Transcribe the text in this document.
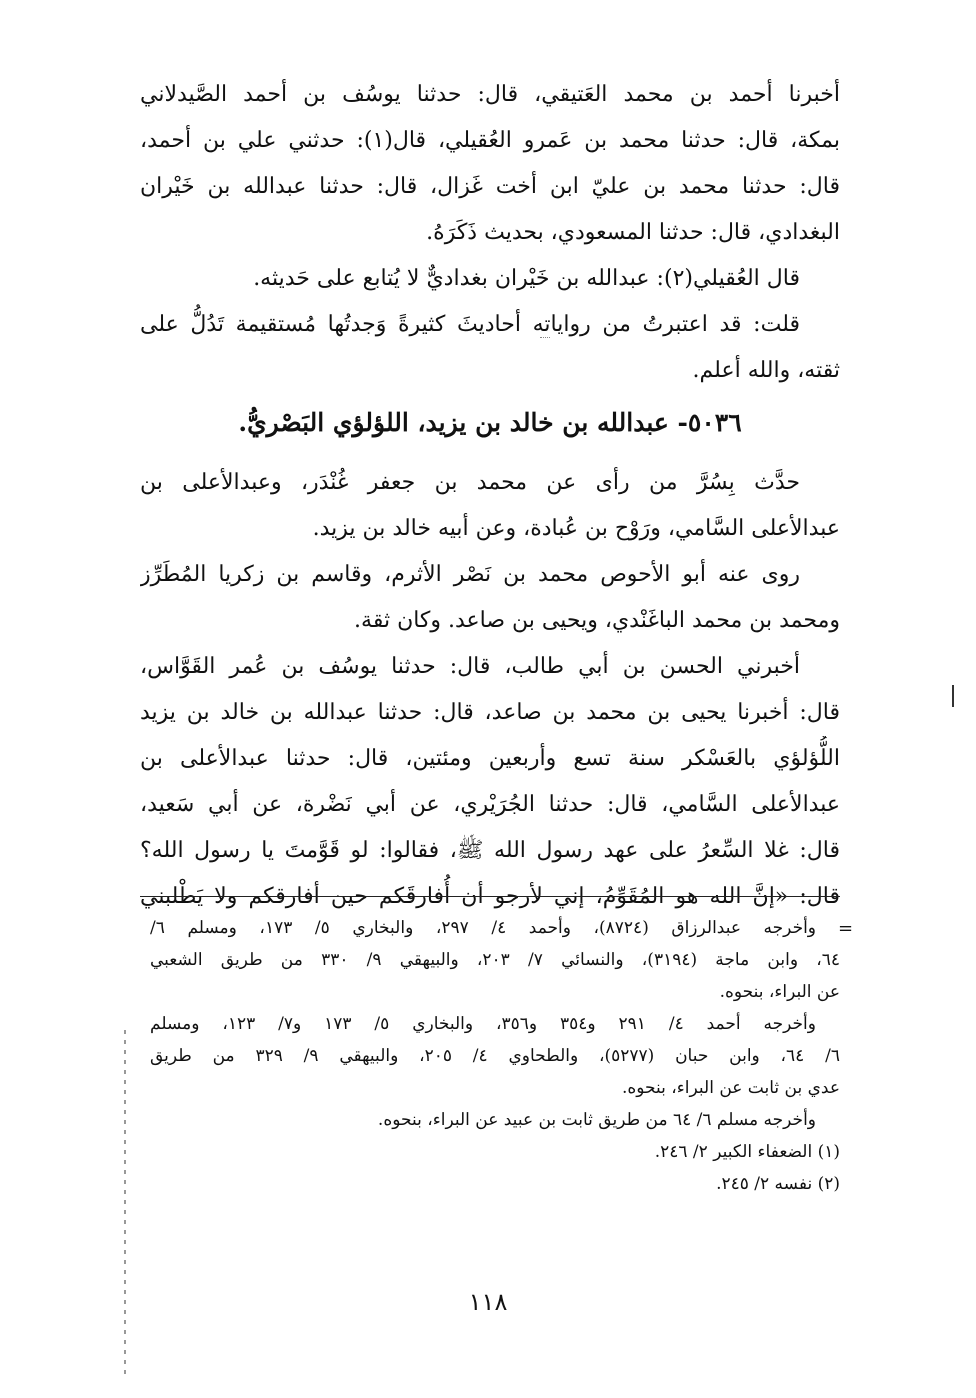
أخبرنا أحمد بن محمد العَتيقي، قال: حدثنا يوسُف بن أحمد الصَّيدلاني
بمكة، قال: حدثنا محمد بن عَمرو العُقيلي، قال(١): حدثني علي بن أحمد،
قال: حدثنا محمد بن عليّ ابن أخت غَزال، قال: حدثنا عبدالله بن خَيْران
البغدادي، قال: حدثنا المسعودي، بحديث ذَكَرَهُ.
قال العُقيلي(٢): عبدالله بن خَيْران بغداديٌّ لا يُتابع على حَديثه.
قلت: قد اعتبرتُ من رواياته أحاديثَ كثيرةً وَجدتُها مُستقيمة تَدُلُّ على
ثقته، والله أعلم.
٥٠٣٦- عبدالله بن خالد بن يزيد، اللؤلؤي البَصْريُّ.
حدَّث بِسُرَّ من رأى عن محمد بن جعفر غُنْدَر، وعبدالأعلى بن
عبدالأعلى السَّامي، ورَوْح بن عُبادة، وعن أبيه خالد بن يزيد.
روى عنه أبو الأحوص محمد بن نَصْر الأثرم، وقاسم بن زكريا المُطَرِّز
ومحمد بن محمد الباغَنْدي، ويحيى بن صاعد. وكان ثقة.
أخبرني الحسن بن أبي طالب، قال: حدثنا يوسُف بن عُمر القَوَّاس،
قال: أخبرنا يحيى بن محمد بن صاعد، قال: حدثنا عبدالله بن خالد بن يزيد
اللُّؤلؤي بالعَسْكر سنة تسع وأربعين ومئتين، قال: حدثنا عبدالأعلى بن
عبدالأعلى السَّامي، قال: حدثنا الجُرَيْري، عن أبي نَضْرة، عن أبي سَعيد،
قال: غلا السِّعرُ على عهد رسول الله ﷺ، فقالوا: لو قَوَّمتَ يا رسول الله؟
قال: «إنَّ الله هو المُقَوِّمُ، إني لأرجو أن أُفارقَكم حين أفارقكم ولا يَطْلبني
=
وأخرجه عبدالرزاق (٨٧٢٤)، وأحمد ٤/ ٢٩٧، والبخاري ٥/ ١٧٣، ومسلم ٦/
٦٤، وابن ماجة (٣١٩٤)، والنسائي ٧/ ٢٠٣، والبيهقي ٩/ ٣٣٠ من طريق الشعبي
عن البراء، بنحوه.
وأخرجه أحمد ٤/ ٢٩١ و٣٥٤ و٣٥٦، والبخاري ٥/ ١٧٣ و٧/ ١٢٣، ومسلم
٦/ ٦٤، وابن حبان (٥٢٧٧)، والطحاوي ٤/ ٢٠٥، والبيهقي ٩/ ٣٢٩ من طريق
عدي بن ثابت عن البراء، بنحوه.
وأخرجه مسلم ٦/ ٦٤ من طريق ثابت بن عبيد عن البراء، بنحوه.
(١) الضعفاء الكبير ٢/ ٢٤٦.
(٢) نفسه ٢/ ٢٤٥.
١١٨
